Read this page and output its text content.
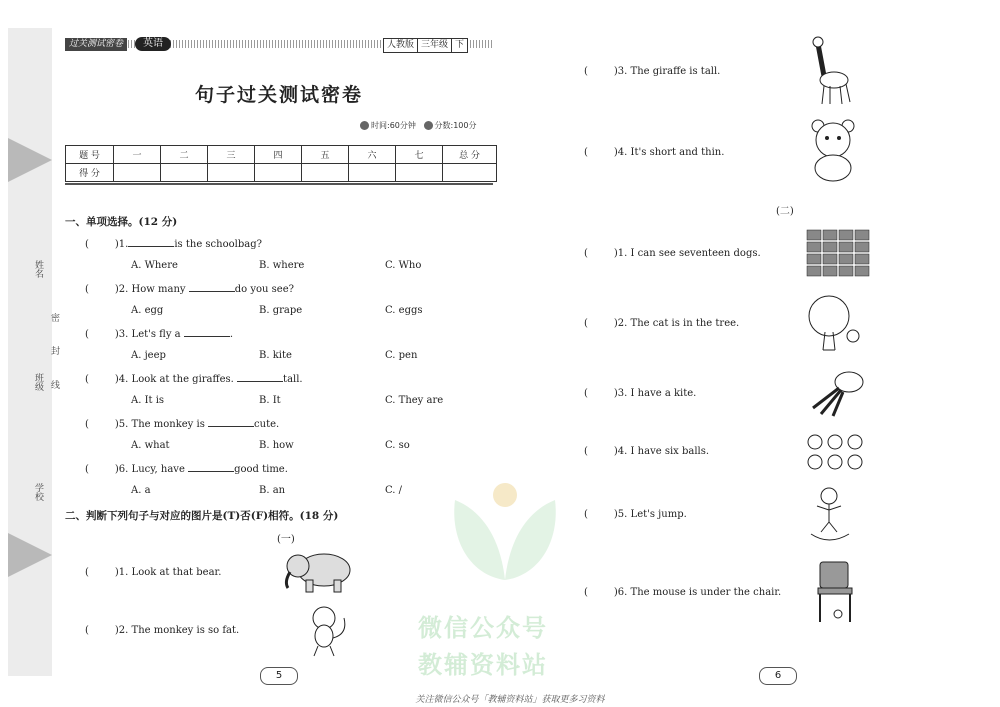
姓名
班级
学校
密
封
线
过关测试密卷	英语	人教版 三年级 下
句子过关测试密卷
时间:60分钟 分数:100分
题 号	一	二	三	四	五	六	七	总 分
得 分								
一、单项选择。(12 分)
(	)1.	is the schoolbag?
A. Where	B. where	C. Who
(	)2. How many	do you see?
A. egg	B. grape	C. eggs
(	)3. Let's fly a	.
A. jeep	B. kite	C. pen
(	)4. Look at the giraffes.	tall.
A. It is	B. It	C. They are
(	)5. The monkey is	cute.
A. what	B. how	C. so
(	)6. Lucy, have	good time.
A. a	B. an	C. /
微信公众号
教辅资料站
二、判断下列句子与对应的图片是(T)否(F)相符。(18 分)
(一)
(	)1. Look at that bear.
(	)2. The monkey is so fat.
5
(	)3. The giraffe is tall.
(	)4. It's short and thin.
(二)
(	)1. I can see seventeen dogs.
(	)2. The cat is in the tree.
(	)3. I have a kite.
(	)4. I have six balls.
(	)5. Let's jump.
(	)6. The mouse is under the chair.
6
关注微信公众号「教辅资料站」获取更多习资料
